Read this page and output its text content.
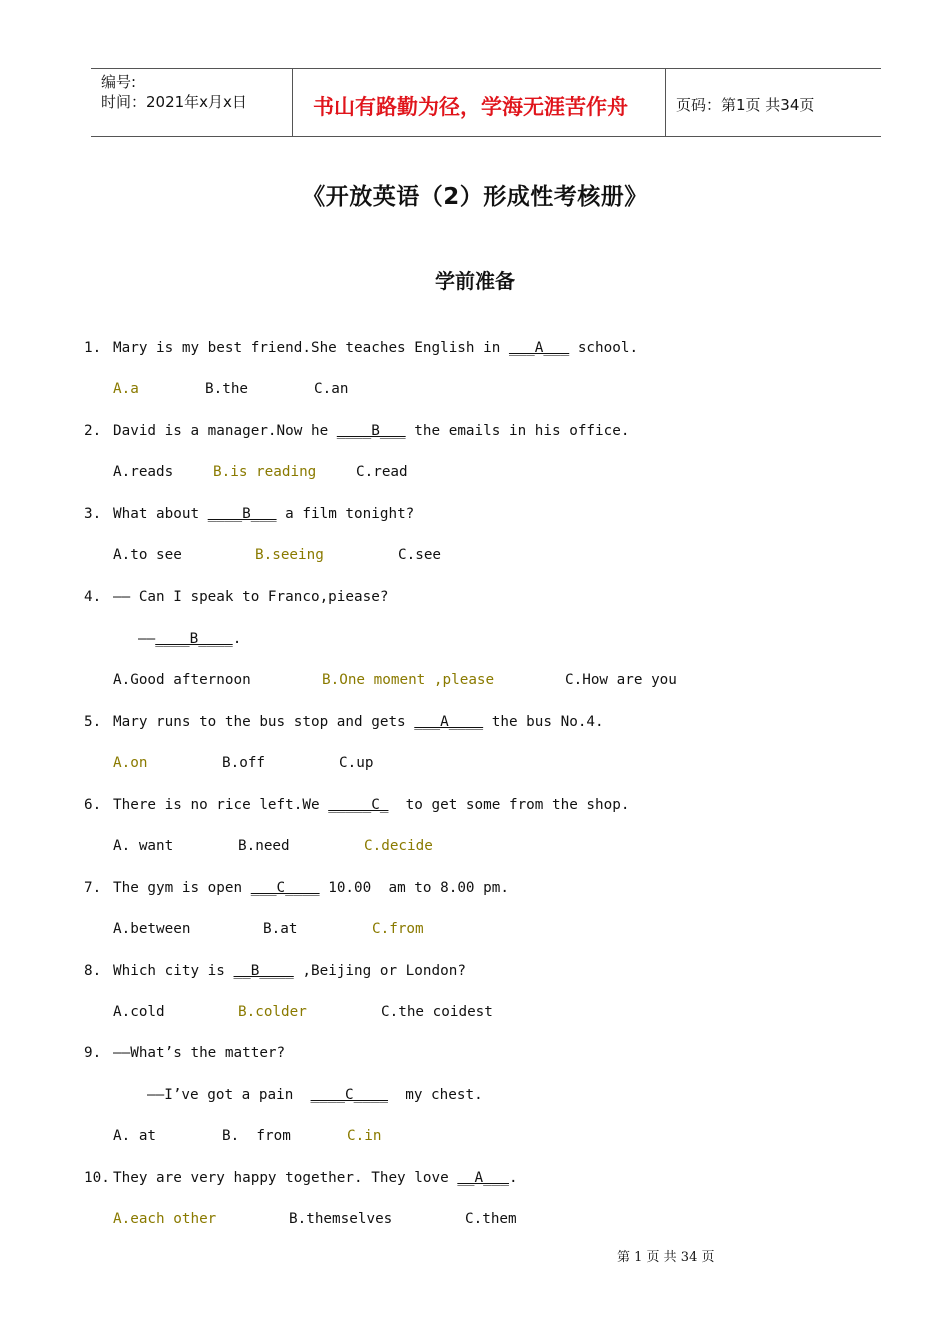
编号:
时间：2021年x月x日	书山有路勤为径，学海无涯苦作舟	页码：第1页 共34页
《开放英语（2）形成性考核册》
学前准备
1. Mary is my best friend.She teaches English in ___A___ school.
A.a	B.the	C.an
2. David is a manager.Now he ____B___ the emails in his office.
A.reads	B.is reading	C.read
3. What about ____B___ a film tonight?
A.to see	B.seeing	C.see
4. —— Can I speak to Franco,piease?
——____B____.
A.Good afternoon	B.One moment ,please	C.How are you
5. Mary runs to the bus stop and gets ___A____ the bus No.4.
A.on	B.off	C.up
6. There is no rice left.We _____C_  to get some from the shop.
A. want	B.need	C.decide
7. The gym is open ___C____ 10.00  am to 8.00 pm.
A.between	B.at	C.from
8. Which city is __B____ ,Beijing or London?
A.cold	B.colder	C.the coidest
9. ——What’s the matter?
——I’ve got a pain  ____C____  my chest.
A. at	B.  from	C.in
10. They are very happy together. They love __A___.
A.each other	B.themselves	C.them
第 1 页 共 34 页
